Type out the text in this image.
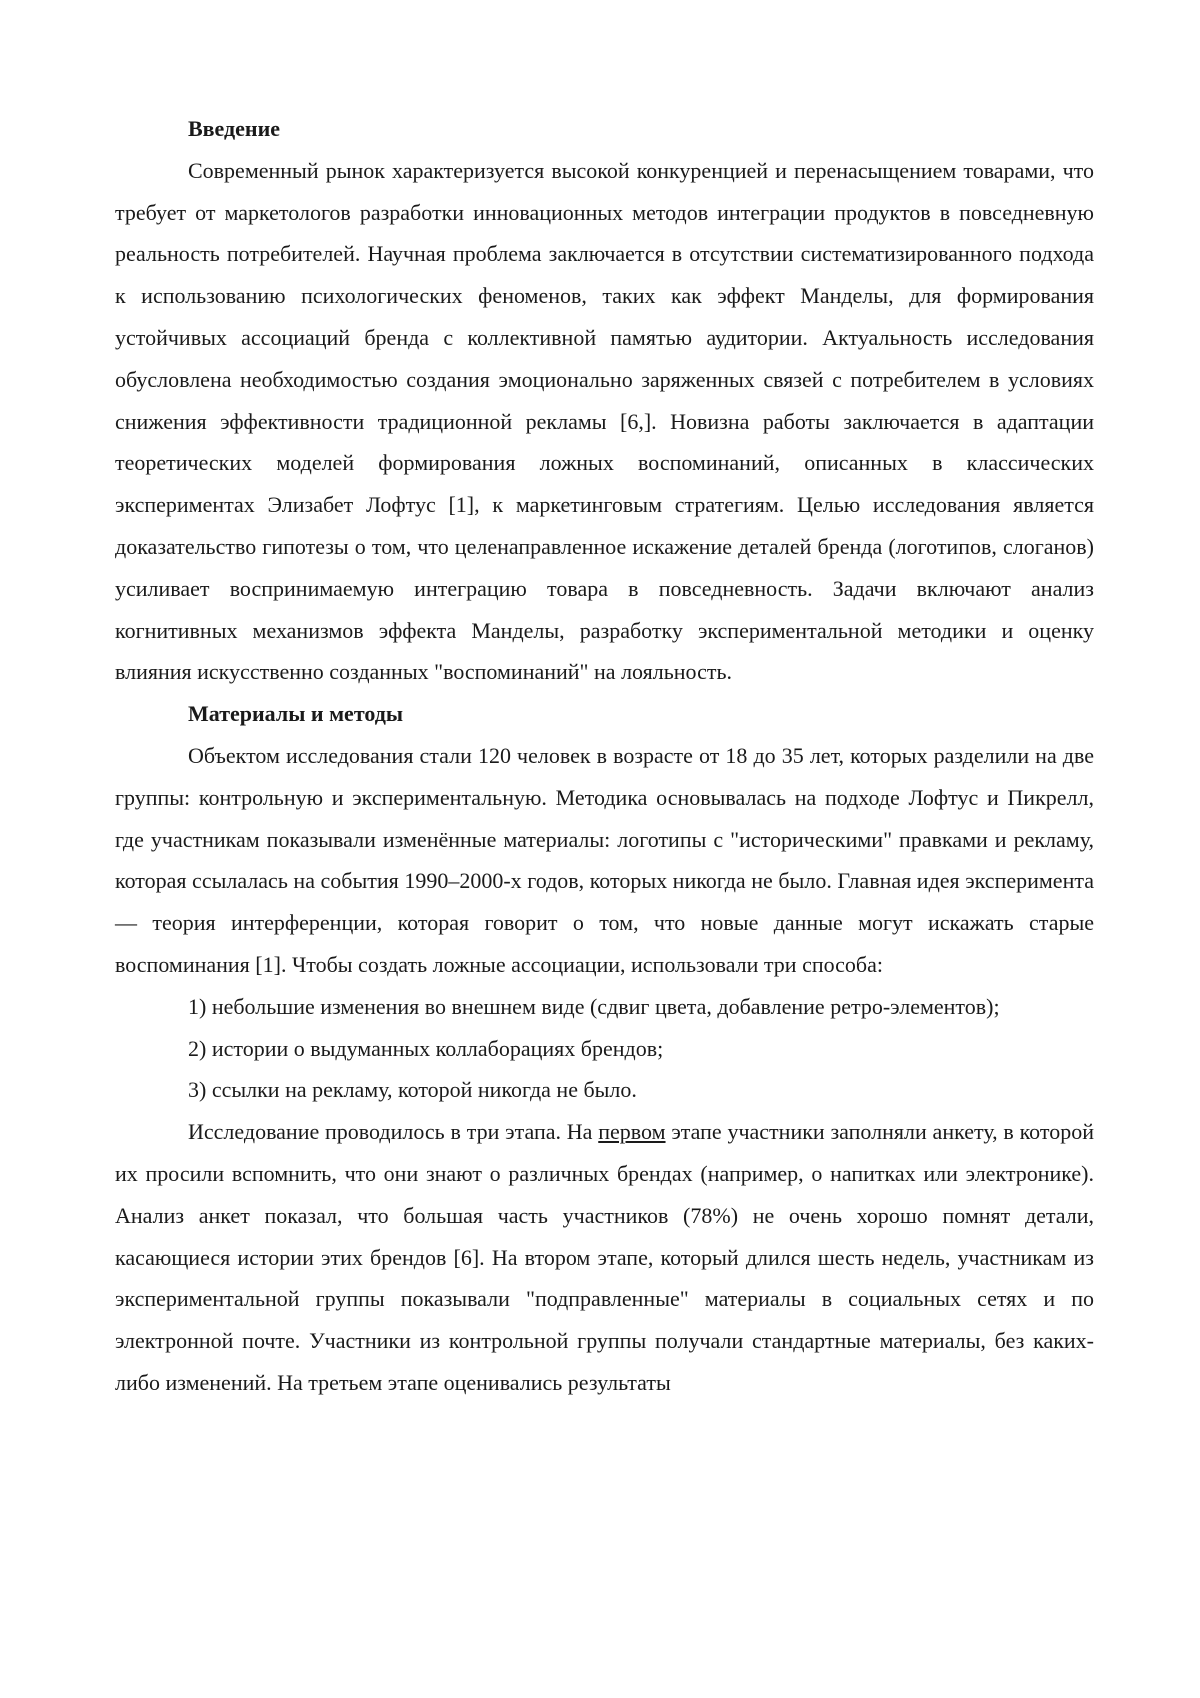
Введение

Современный рынок характеризуется высокой конкуренцией и перенасыщением товарами, что требует от маркетологов разработки инновационных методов интеграции продуктов в повседневную реальность потребителей. Научная проблема заключается в отсутствии систематизированного подхода к использованию психологических феноменов, таких как эффект Манделы, для формирования устойчивых ассоциаций бренда с коллективной памятью аудитории. Актуальность исследования обусловлена необходимостью создания эмоционально заряженных связей с потребителем в условиях снижения эффективности традиционной рекламы [6,]. Новизна работы заключается в адаптации теоретических моделей формирования ложных воспоминаний, описанных в классических экспериментах Элизабет Лофтус [1], к маркетинговым стратегиям. Целью исследования является доказательство гипотезы о том, что целенаправленное искажение деталей бренда (логотипов, слоганов) усиливает воспринимаемую интеграцию товара в повседневность. Задачи включают анализ когнитивных механизмов эффекта Манделы, разработку экспериментальной методики и оценку влияния искусственно созданных "воспоминаний" на лояльность.

Материалы и методы

Объектом исследования стали 120 человек в возрасте от 18 до 35 лет, которых разделили на две группы: контрольную и экспериментальную. Методика основывалась на подходе Лофтус и Пикрелл, где участникам показывали изменённые материалы: логотипы с "историческими" правками и рекламу, которая ссылалась на события 1990–2000-х годов, которых никогда не было. Главная идея эксперимента — теория интерференции, которая говорит о том, что новые данные могут искажать старые воспоминания [1]. Чтобы создать ложные ассоциации, использовали три способа:

1) небольшие изменения во внешнем виде (сдвиг цвета, добавление ретро-элементов);

2) истории о выдуманных коллаборациях брендов;

3) ссылки на рекламу, которой никогда не было.

Исследование проводилось в три этапа. На первом этапе участники заполняли анкету, в которой их просили вспомнить, что они знают о различных брендах (например, о напитках или электронике). Анализ анкет показал, что большая часть участников (78%) не очень хорошо помнят детали, касающиеся истории этих брендов [6]. На втором этапе, который длился шесть недель, участникам из экспериментальной группы показывали "подправленные" материалы в социальных сетях и по электронной почте. Участники из контрольной группы получали стандартные материалы, без каких-либо изменений. На третьем этапе оценивались результаты
